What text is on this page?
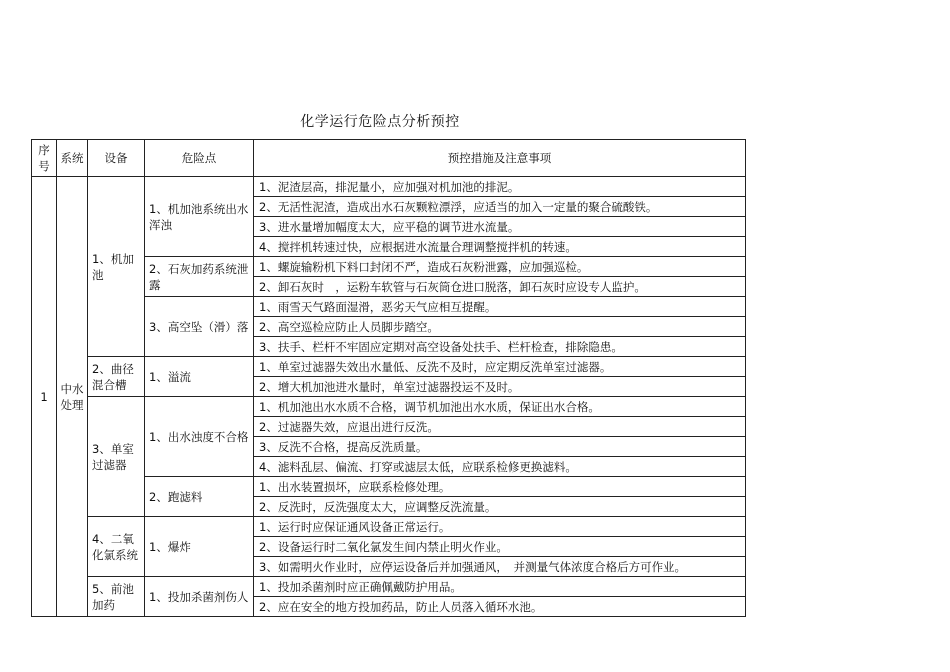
化学运行危险点分析预控
序号	系统	设备	危险点	预控措施及注意事项
1	中水处理	1、机加池	1、机加池系统出水浑浊	1、泥渣层高，排泥量小，应加强对机加池的排泥。
				2、无活性泥渣，造成出水石灰颗粒漂浮，应适当的加入一定量的聚合硫酸铁。
				3、进水量增加幅度太大，应平稳的调节进水流量。
				4、搅拌机转速过快，应根据进水流量合理调整搅拌机的转速。
			2、石灰加药系统泄露	1、螺旋输粉机下料口封闭不严，造成石灰粉泄露，应加强巡检。
				2、卸石灰时　，运粉车软管与石灰筒仓进口脱落，卸石灰时应设专人监护。
			3、高空坠（滑）落	1、雨雪天气路面湿滑，恶劣天气应相互提醒。
				2、高空巡检应防止人员脚步踏空。
				3、扶手、栏杆不牢固应定期对高空设备处扶手、栏杆检查，排除隐患。
		2、曲径混合槽	1、溢流	1、单室过滤器失效出水量低、反洗不及时，应定期反洗单室过滤器。
				2、增大机加池进水量时，单室过滤器投运不及时。
		3、单室过滤器	1、出水浊度不合格	1、机加池出水水质不合格，调节机加池出水水质，保证出水合格。
				2、过滤器失效，应退出进行反洗。
				3、反洗不合格，提高反洗质量。
				4、滤料乱层、偏流、打穿或滤层太低，应联系检修更换滤料。
			2、跑滤料	1、出水装置损坏，应联系检修处理。
				2、反洗时，反洗强度太大，应调整反洗流量。
		4、二氧化氯系统	1、爆炸	1、运行时应保证通风设备正常运行。
				2、设备运行时二氧化氯发生间内禁止明火作业。
				3、如需明火作业时，应停运设备后并加强通风，　并测量气体浓度合格后方可作业。
		5、前池加药	1、投加杀菌剂伤人	1、投加杀菌剂时应正确佩戴防护用品。
				2、应在安全的地方投加药品，防止人员落入循环水池。
